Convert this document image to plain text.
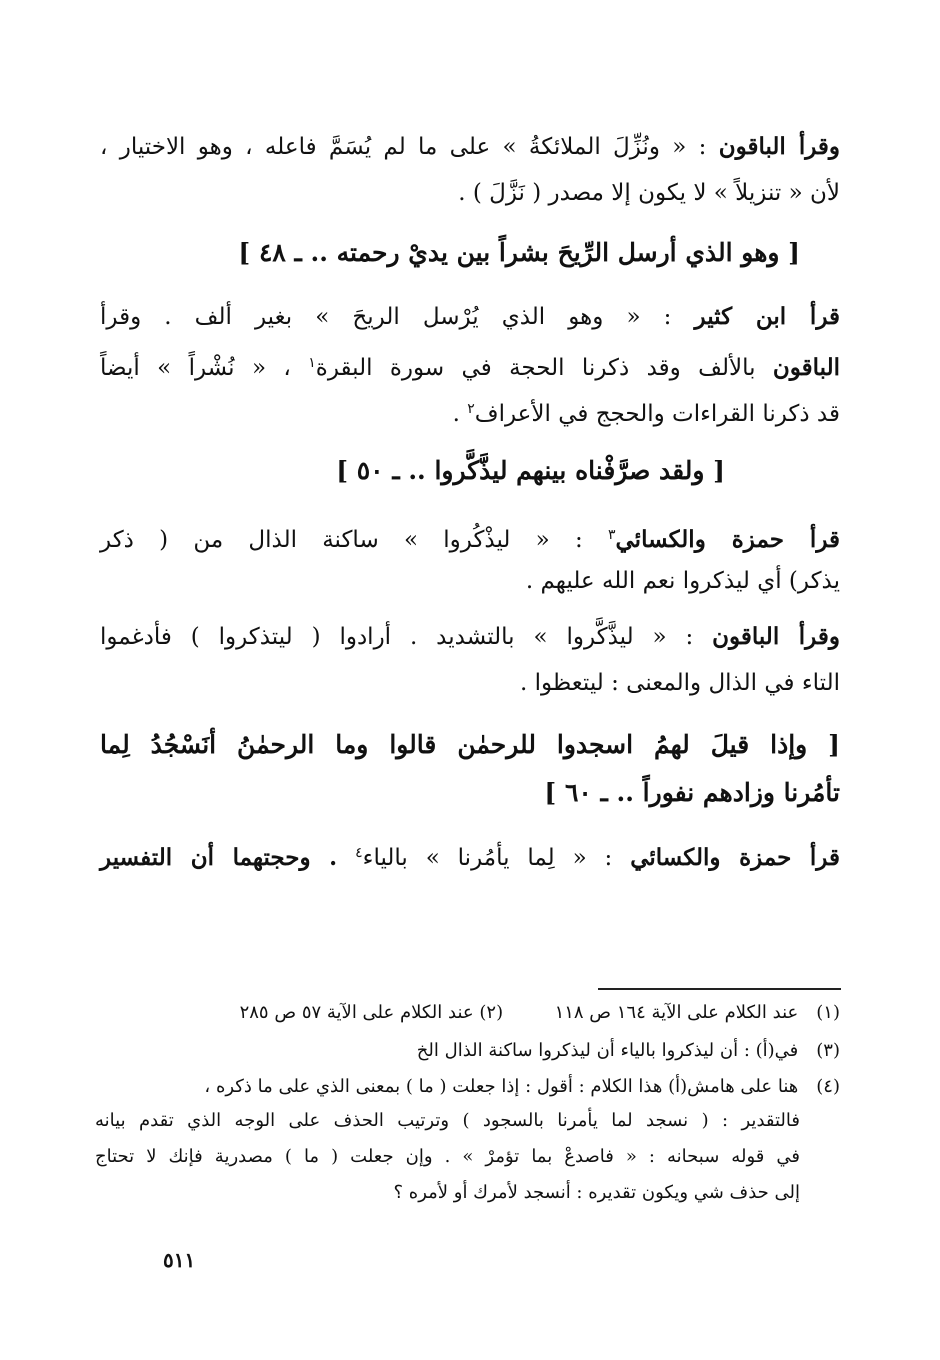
وقرأ الباقون : « ونُزِّلَ الملائكةُ » على ما لم يُسَمَّ فاعله ، وهو الاختيار ،
لأن « تنزيلاً » لا يكون إلا مصدر ( نَزَّلَ ) .
[ وهو الذي أرسل الرِّيحَ بشراً بين يديْ رحمته .. ـ ٤٨ ]
قرأ ابن كثير : « وهو الذي يُرْسل الريحَ » بغير ألف . وقرأ
الباقون بالألف وقد ذكرنا الحجة في سورة البقرة$^١$ ، « نُشْراً » أيضاً
قد ذكرنا القراءات والحجج في الأعراف$^٢$ .
[ ولقد صرَّفْناه بينهم ليذَّكَّروا .. ـ ٥٠ ]
قرأ حمزة والكسائي$^٣$ : « ليذْكُروا » ساكنة الذال من ( ذكر
يذكر) أي ليذكروا نعم الله عليهم .
وقرأ الباقون : « ليذَّكَّروا » بالتشديد . أرادوا ( ليتذكروا ) فأدغموا
التاء في الذال والمعنى : ليتعظوا .
[ وإذا قيلَ لهمُ اسجدوا للرحمٰن قالوا وما الرحمٰنُ أنَسْجُدُ لِما
تأمُرنا وزادهم نفوراً .. ـ ٦٠ ]
قرأ حمزة والكسائي : « لِما يأمُرنا » بالياء$^٤$ . وحجتهما أن التفسير
(١) عند الكلام على الآية ١٦٤ ص ١١٨  (٢) عند الكلام على الآية ٥٧ ص ٢٨٥
(٣) في(أ) : أن ليذكروا بالياء أن ليذكروا ساكنة الذال الخ
(٤) هنا على هامش(أ) هذا الكلام : أقول : إذا جعلت ( ما ) بمعنى الذي على ما ذكره ،
فالتقدير : ( نسجد لما يأمرنا بالسجود ) وترتيب الحذف على الوجه الذي تقدم بيانه
في قوله سبحانه : « فاصدعْ بما تؤمرْ » . وإن جعلت ( ما ) مصدرية فإنك لا تحتاج
إلى حذف شي ويكون تقديره : أنسجد لأمرك أو لأمره ؟
٥١١
